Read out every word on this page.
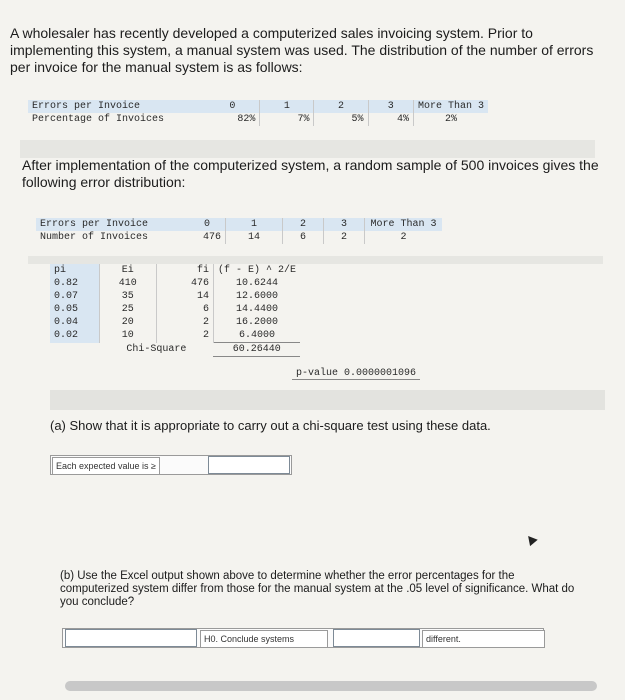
A wholesaler has recently developed a computerized sales invoicing system. Prior to implementing this system, a manual system was used. The distribution of the number of errors per invoice for the manual system is as follows:
Errors per Invoice	0	1	2	3	More Than 3
Percentage of Invoices	82%	7%	5%	4%	2%
After implementation of the computerized system, a random sample of 500 invoices gives the following error distribution:
Errors per Invoice	0	1	2	3	More Than 3
Number of Invoices	476	14	6	2	2
pi	Ei	fi	(f - E) ^ 2/E
0.82	410	476	10.6244
0.07	35	14	12.6000
0.05	25	6	14.4400
0.04	20	2	16.2000
0.02	10	2	6.4000
	Chi-Square		60.26440
p-value 0.0000001096
(a) Show that it is appropriate to carry out a chi-square test using these data.
Each expected value is ≥
(b) Use the Excel output shown above to determine whether the error percentages for the computerized system differ from those for the manual system at the .05 level of significance. What do you conclude?
H0. Conclude systems	different.
